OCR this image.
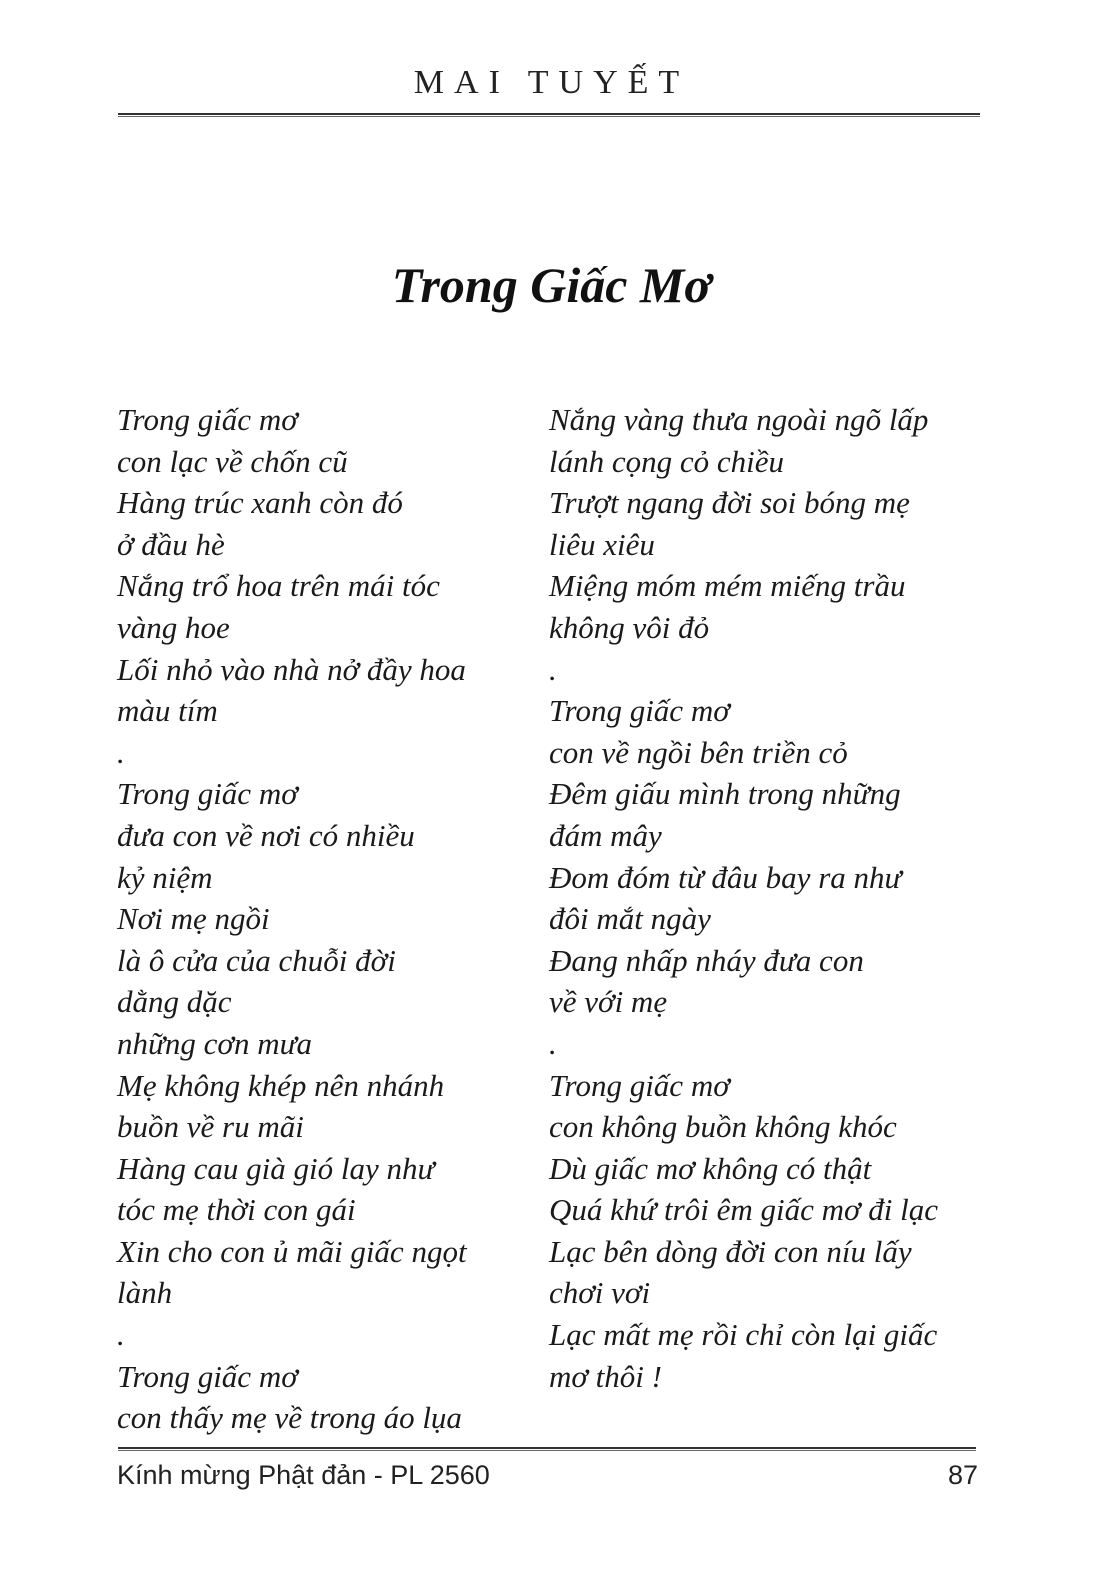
MAI TUYẾT
Trong Giấc Mơ
Trong giấc mơ
con lạc về chốn cũ
Hàng trúc xanh còn đó
ở đầu hè
Nắng trổ hoa trên mái tóc
vàng hoe
Lối nhỏ vào nhà nở đầy hoa
màu tím
.
Trong giấc mơ
đưa con về nơi có nhiều
kỷ niệm
Nơi mẹ ngồi
là ô cửa của chuỗi đời
dằng dặc
những cơn mưa
Mẹ không khép nên nhánh
buồn về ru mãi
Hàng cau già gió lay như
tóc mẹ thời con gái
Xin cho con ủ mãi giấc ngọt
lành
.
Trong giấc mơ
con thấy mẹ về trong áo lụa
Nắng vàng thưa ngoài ngõ lấp
lánh cọng cỏ chiều
Trượt ngang đời soi bóng mẹ
liêu xiêu
Miệng móm mém miếng trầu
không vôi đỏ
.
Trong giấc mơ
con về ngồi bên triền cỏ
Đêm giấu mình trong những
đám mây
Đom đóm từ đâu bay ra như
đôi mắt ngày
Đang nhấp nháy đưa con
về với mẹ
.
Trong giấc mơ
con không buồn không khóc
Dù giấc mơ không có thật
Quá khứ trôi êm giấc mơ đi lạc
Lạc bên dòng đời con níu lấy
chơi vơi
Lạc mất mẹ rồi chỉ còn lại giấc
mơ thôi !
Kính mừng Phật đản - PL 2560	87
